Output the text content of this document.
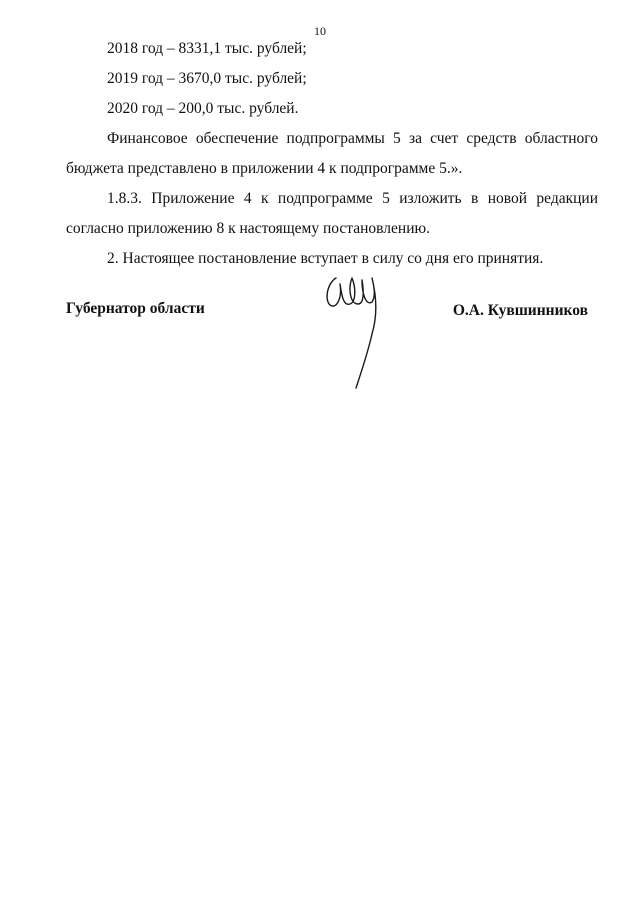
10

2018 год – 8331,1 тыс. рублей;

2019 год – 3670,0 тыс. рублей;

2020 год – 200,0 тыс. рублей.

Финансовое обеспечение подпрограммы 5 за счет средств областного бюджета представлено в приложении 4 к подпрограмме 5.».

1.8.3. Приложение 4 к подпрограмме 5 изложить в новой редакции согласно приложению 8 к настоящему постановлению.

2. Настоящее постановление вступает в силу со дня его принятия.

Губернатор области	О.А. Кувшинников
